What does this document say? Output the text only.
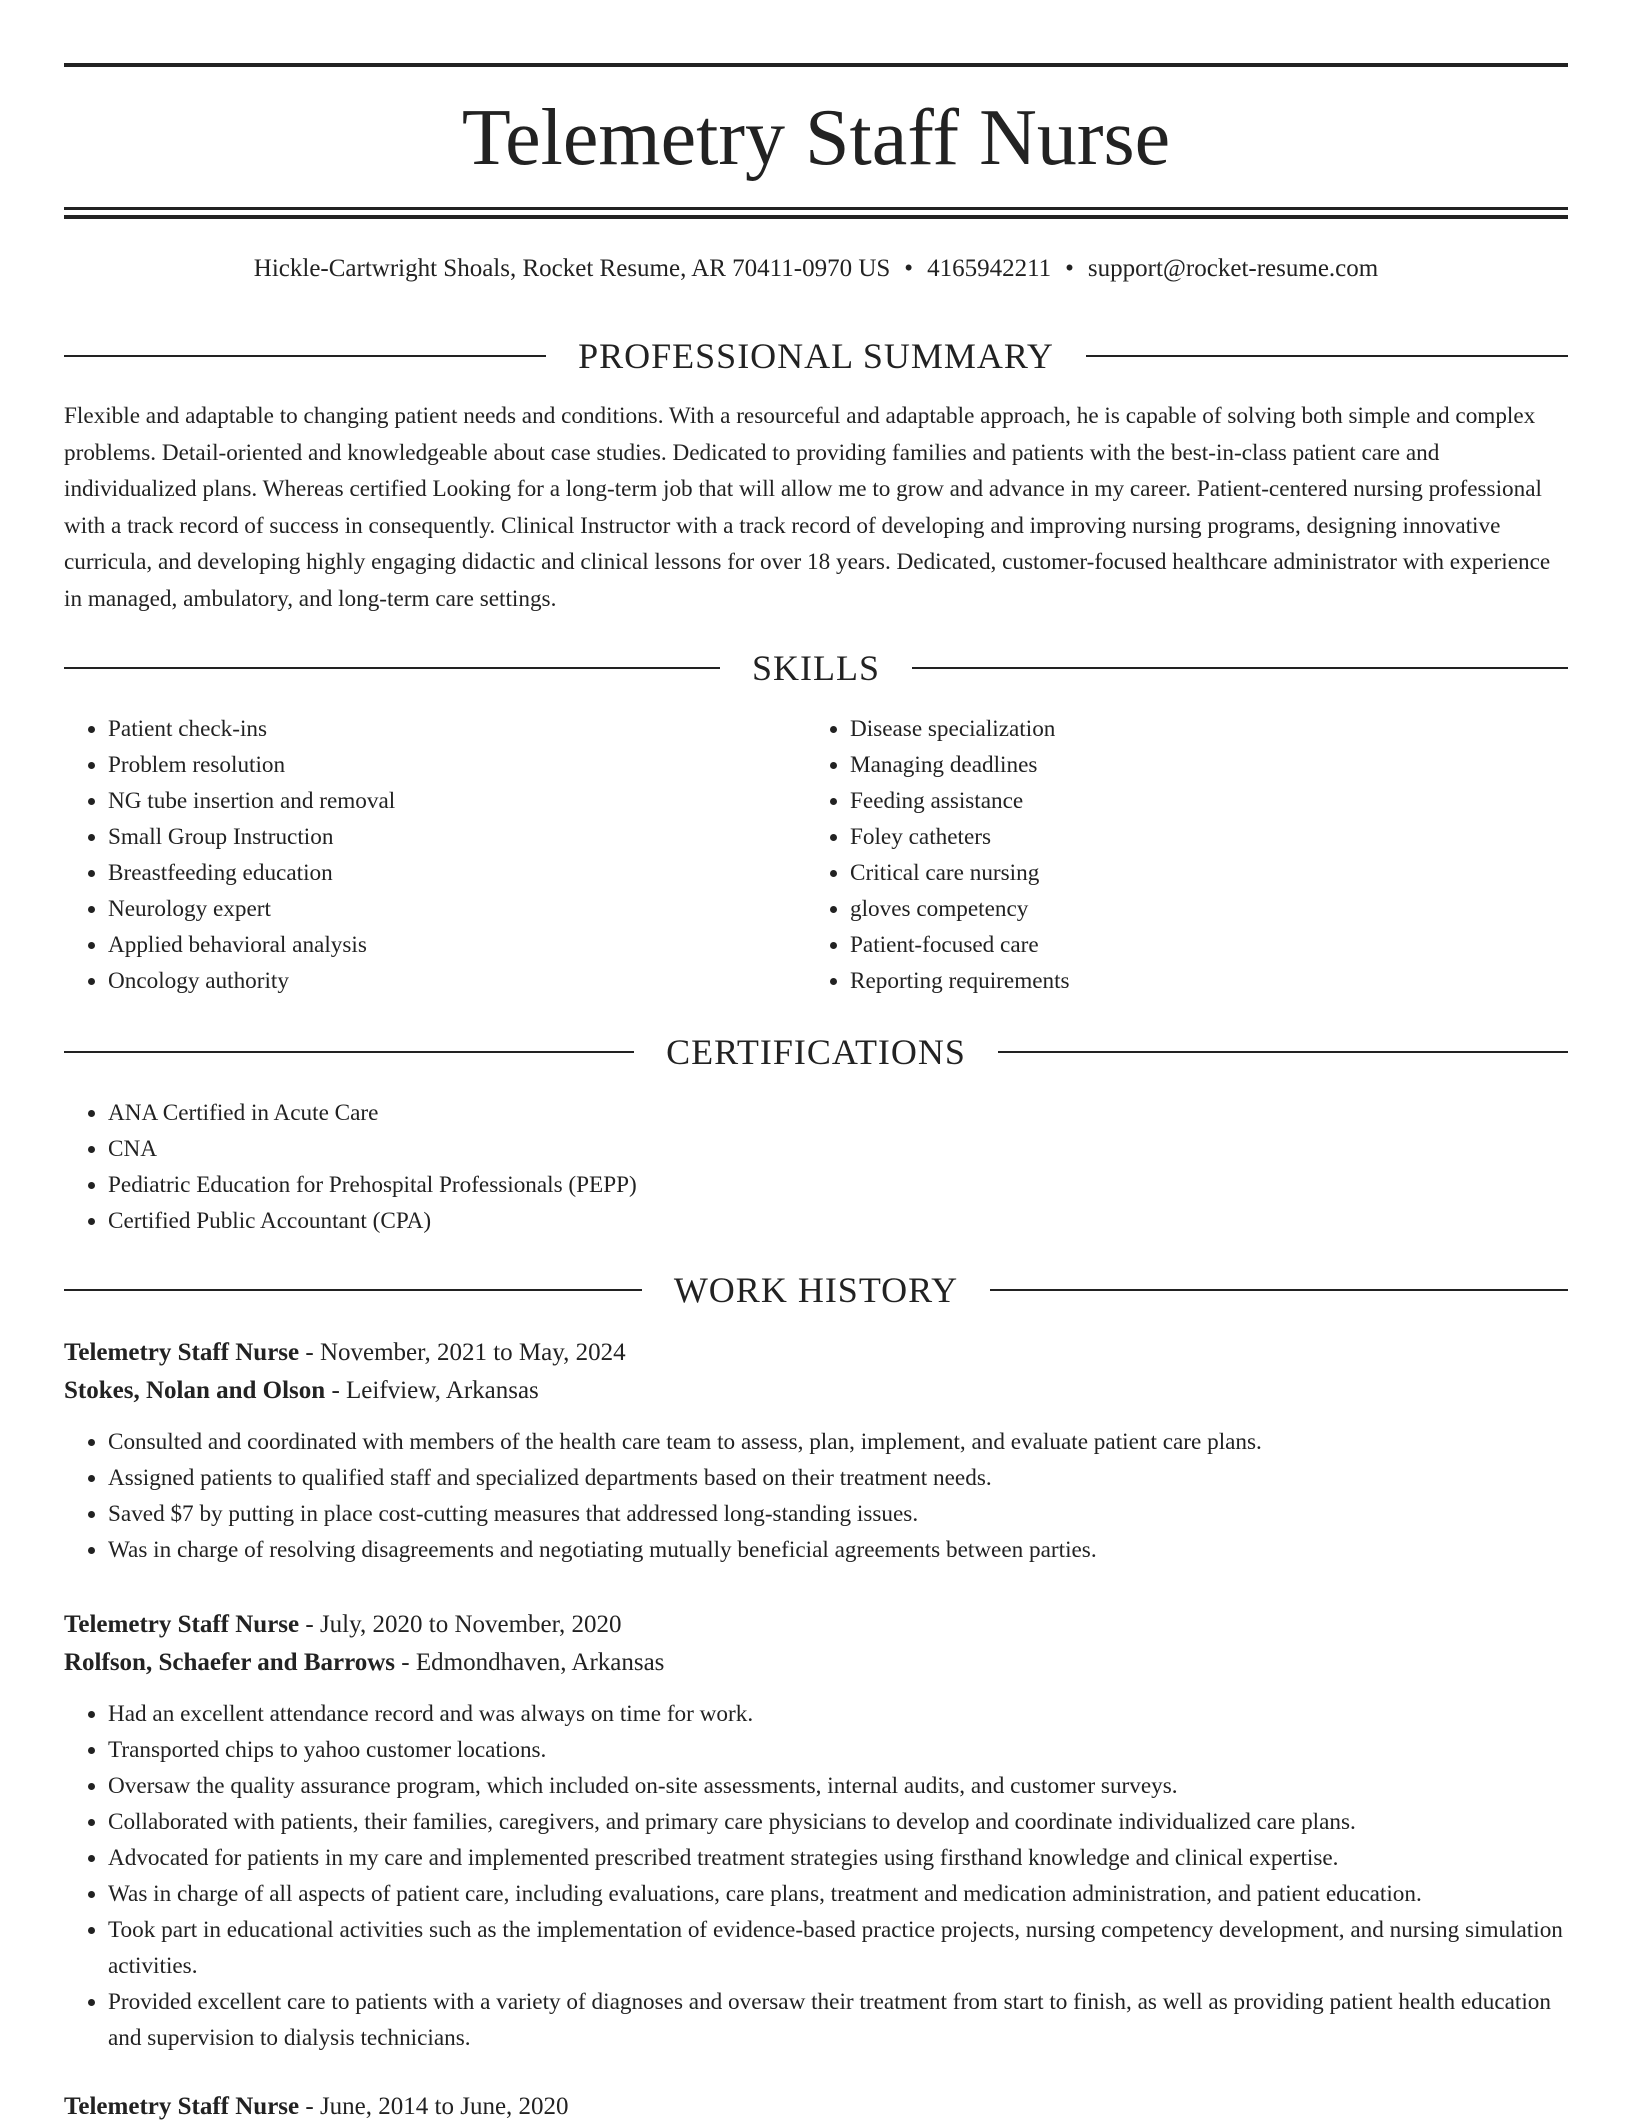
Telemetry Staff Nurse
Hickle-Cartwright Shoals, Rocket Resume, AR 70411-0970 US • 4165942211 • support@rocket-resume.com
PROFESSIONAL SUMMARY

Flexible and adaptable to changing patient needs and conditions. With a resourceful and adaptable approach, he is capable of solving both simple and complex problems. Detail-oriented and knowledgeable about case studies. Dedicated to providing families and patients with the best-in-class patient care and individualized plans. Whereas certified Looking for a long-term job that will allow me to grow and advance in my career. Patient-centered nursing professional with a track record of success in consequently. Clinical Instructor with a track record of developing and improving nursing programs, designing innovative curricula, and developing highly engaging didactic and clinical lessons for over 18 years. Dedicated, customer-focused healthcare administrator with experience in managed, ambulatory, and long-term care settings.

SKILLS
• Patient check-ins
• Problem resolution
• NG tube insertion and removal
• Small Group Instruction
• Breastfeeding education
• Neurology expert
• Applied behavioral analysis
• Oncology authority
• Disease specialization
• Managing deadlines
• Feeding assistance
• Foley catheters
• Critical care nursing
• gloves competency
• Patient-focused care
• Reporting requirements
CERTIFICATIONS
• ANA Certified in Acute Care
• CNA
• Pediatric Education for Prehospital Professionals (PEPP)
• Certified Public Accountant (CPA)
WORK HISTORY
Telemetry Staff Nurse - November, 2021 to May, 2024
Stokes, Nolan and Olson - Leifview, Arkansas
• Consulted and coordinated with members of the health care team to assess, plan, implement, and evaluate patient care plans.
• Assigned patients to qualified staff and specialized departments based on their treatment needs.
• Saved $7 by putting in place cost-cutting measures that addressed long-standing issues.
• Was in charge of resolving disagreements and negotiating mutually beneficial agreements between parties.
Telemetry Staff Nurse - July, 2020 to November, 2020
Rolfson, Schaefer and Barrows - Edmondhaven, Arkansas
• Had an excellent attendance record and was always on time for work.
• Transported chips to yahoo customer locations.
• Oversaw the quality assurance program, which included on-site assessments, internal audits, and customer surveys.
• Collaborated with patients, their families, caregivers, and primary care physicians to develop and coordinate individualized care plans.
• Advocated for patients in my care and implemented prescribed treatment strategies using firsthand knowledge and clinical expertise.
• Was in charge of all aspects of patient care, including evaluations, care plans, treatment and medication administration, and patient education.
• Took part in educational activities such as the implementation of evidence-based practice projects, nursing competency development, and nursing simulation activities.
• Provided excellent care to patients with a variety of diagnoses and oversaw their treatment from start to finish, as well as providing patient health education and supervision to dialysis technicians.
Telemetry Staff Nurse - June, 2014 to June, 2020
